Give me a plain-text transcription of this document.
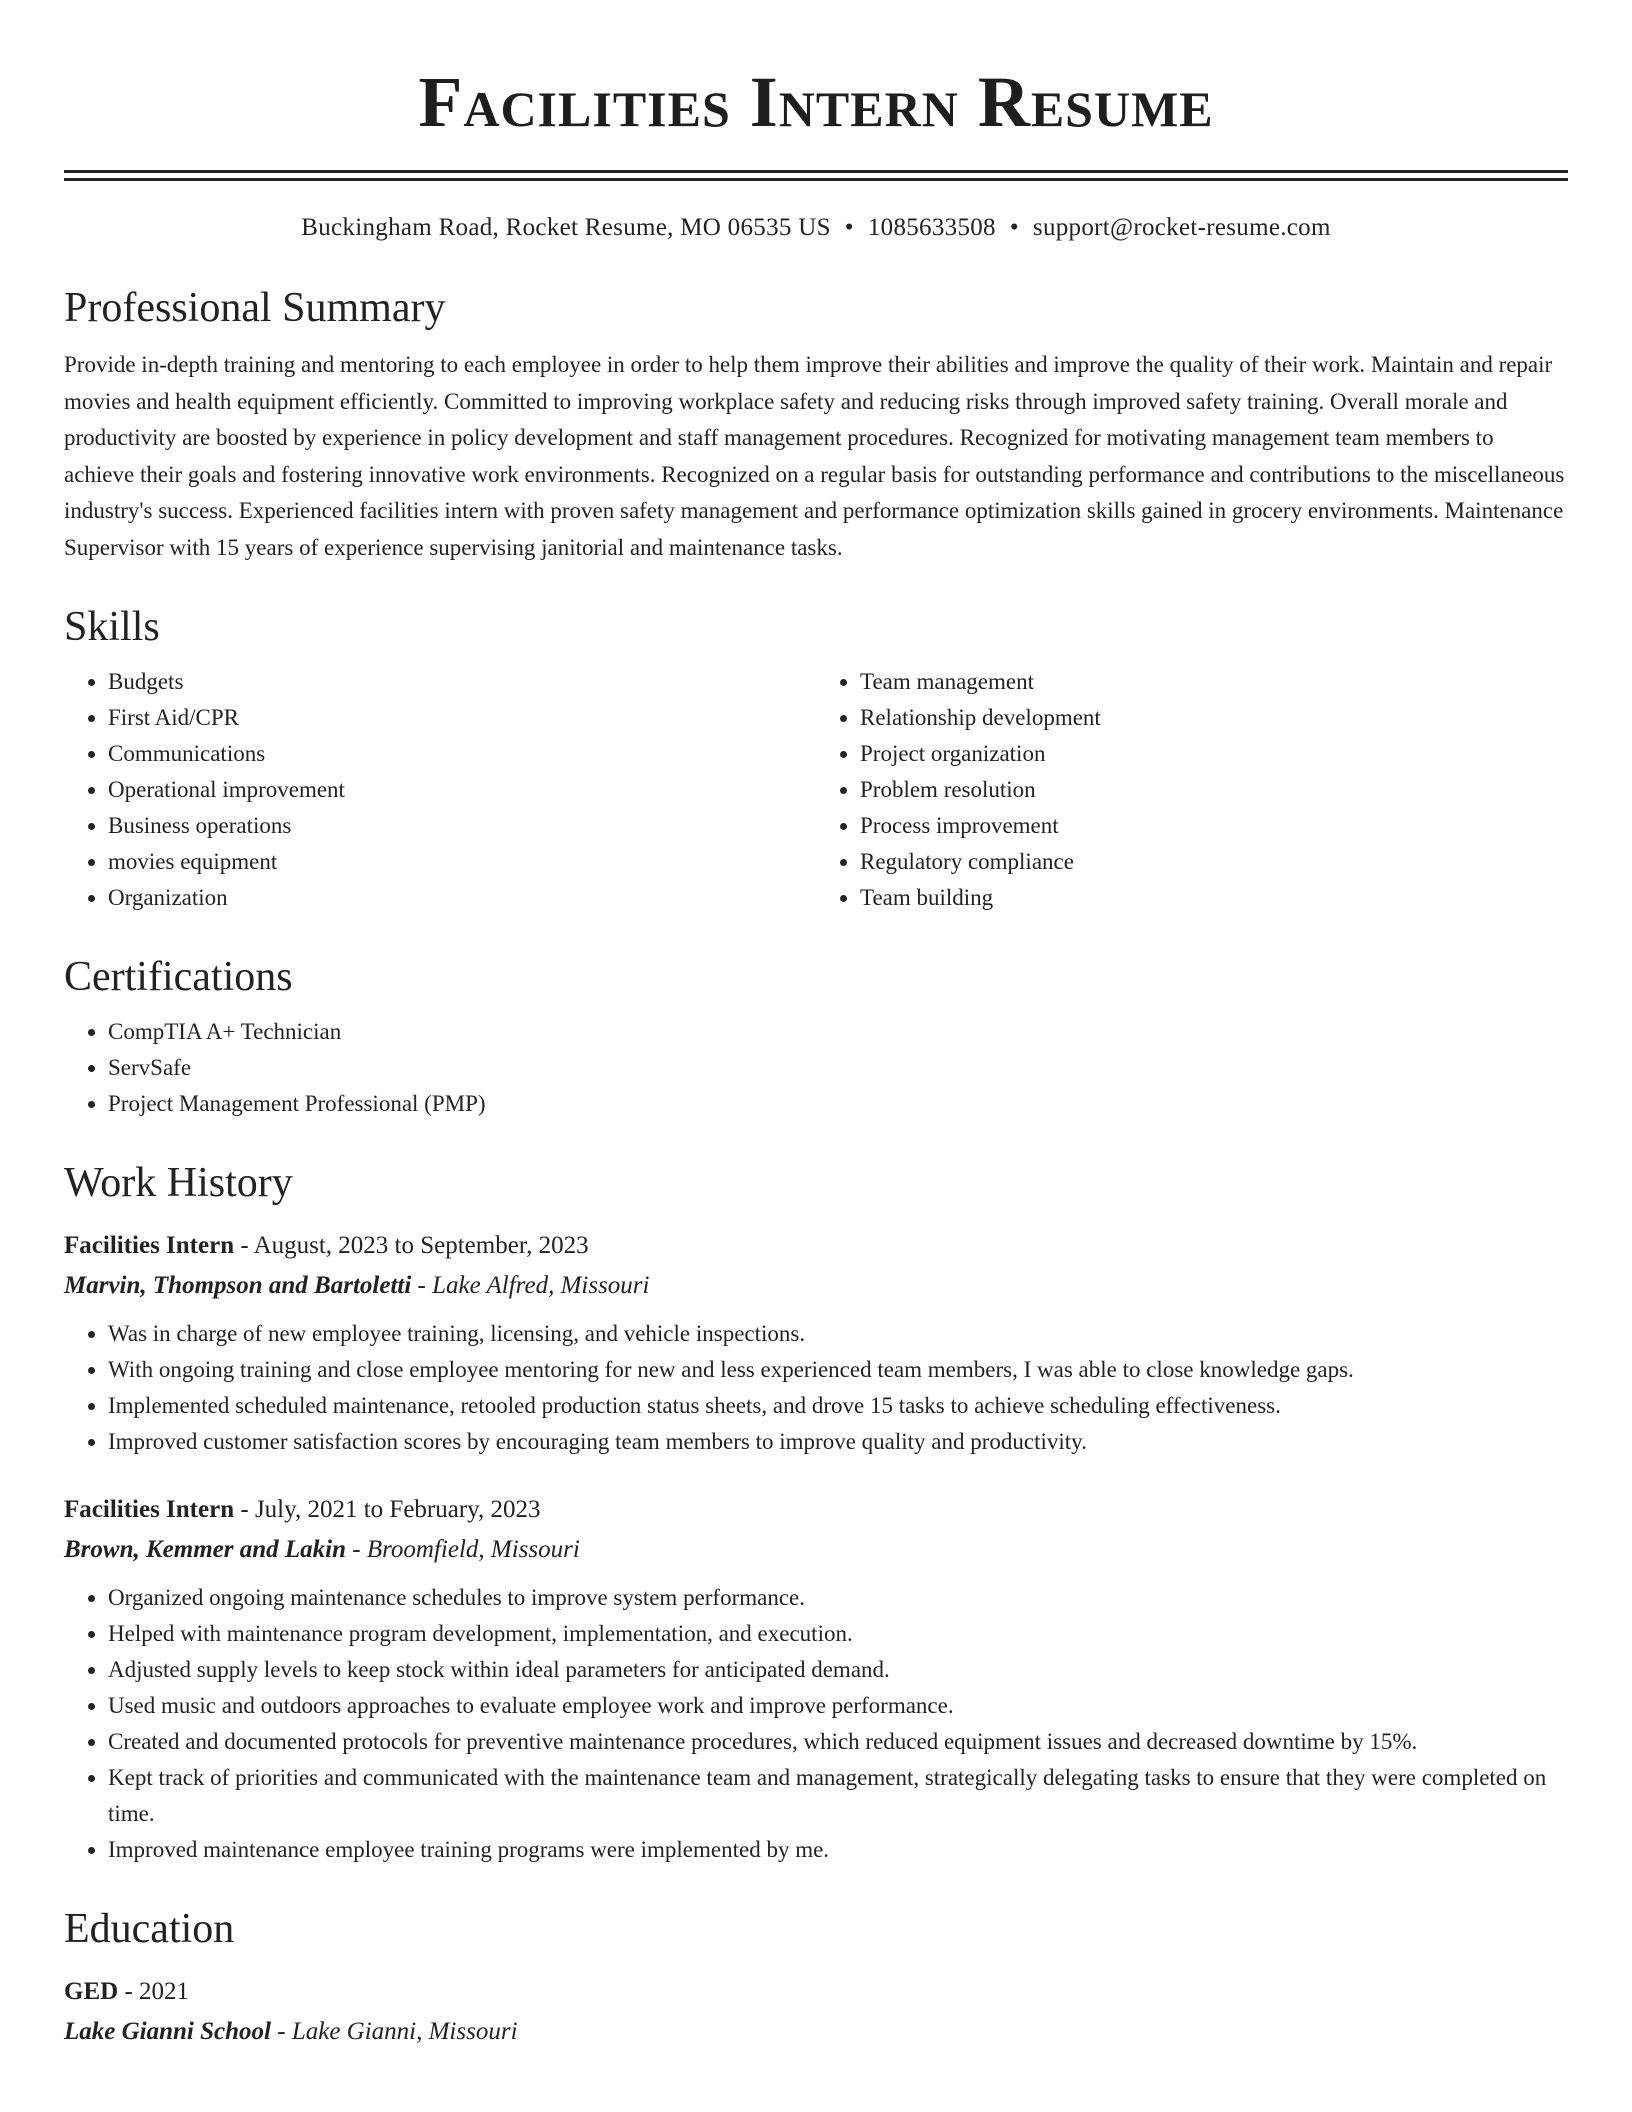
Facilities Intern Resume
Buckingham Road, Rocket Resume, MO 06535 US • 1085633508 • support@rocket-resume.com
Professional Summary
Provide in-depth training and mentoring to each employee in order to help them improve their abilities and improve the quality of their work. Maintain and repair movies and health equipment efficiently. Committed to improving workplace safety and reducing risks through improved safety training. Overall morale and productivity are boosted by experience in policy development and staff management procedures. Recognized for motivating management team members to achieve their goals and fostering innovative work environments. Recognized on a regular basis for outstanding performance and contributions to the miscellaneous industry's success. Experienced facilities intern with proven safety management and performance optimization skills gained in grocery environments. Maintenance Supervisor with 15 years of experience supervising janitorial and maintenance tasks.
Skills
• Budgets
• First Aid/CPR
• Communications
• Operational improvement
• Business operations
• movies equipment
• Organization
• Team management
• Relationship development
• Project organization
• Problem resolution
• Process improvement
• Regulatory compliance
• Team building
Certifications
• CompTIA A+ Technician
• ServSafe
• Project Management Professional (PMP)
Work History
Facilities Intern - August, 2023 to September, 2023
Marvin, Thompson and Bartoletti - Lake Alfred, Missouri
• Was in charge of new employee training, licensing, and vehicle inspections.
• With ongoing training and close employee mentoring for new and less experienced team members, I was able to close knowledge gaps.
• Implemented scheduled maintenance, retooled production status sheets, and drove 15 tasks to achieve scheduling effectiveness.
• Improved customer satisfaction scores by encouraging team members to improve quality and productivity.
Facilities Intern - July, 2021 to February, 2023
Brown, Kemmer and Lakin - Broomfield, Missouri
• Organized ongoing maintenance schedules to improve system performance.
• Helped with maintenance program development, implementation, and execution.
• Adjusted supply levels to keep stock within ideal parameters for anticipated demand.
• Used music and outdoors approaches to evaluate employee work and improve performance.
• Created and documented protocols for preventive maintenance procedures, which reduced equipment issues and decreased downtime by 15%.
• Kept track of priorities and communicated with the maintenance team and management, strategically delegating tasks to ensure that they were completed on time.
• Improved maintenance employee training programs were implemented by me.
Education
GED - 2021
Lake Gianni School - Lake Gianni, Missouri
